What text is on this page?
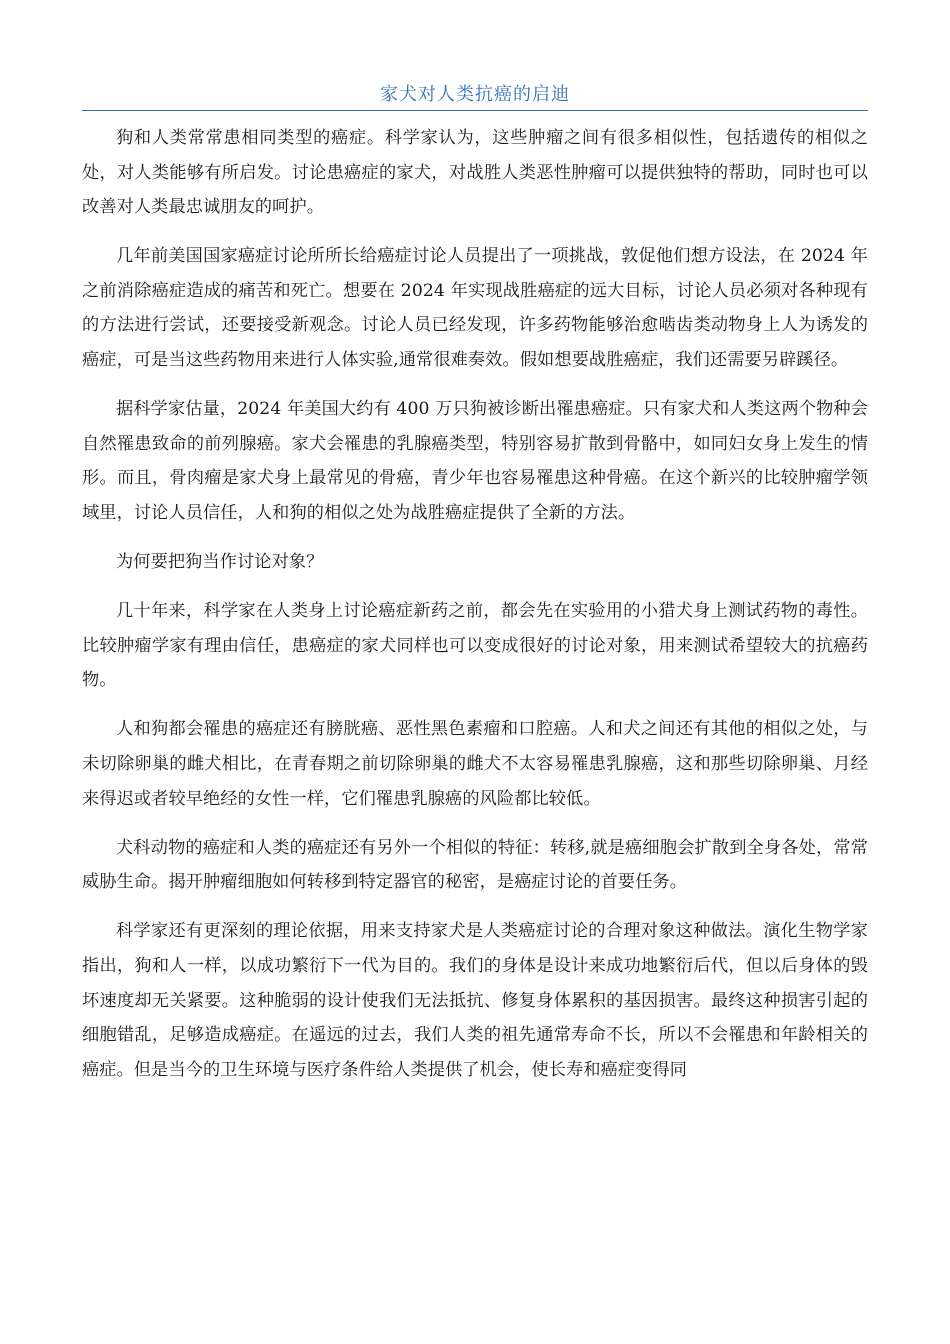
家犬对人类抗癌的启迪

狗和人类常常患相同类型的癌症。科学家认为，这些肿瘤之间有很多相似性，包括遗传的相似之处，对人类能够有所启发。讨论患癌症的家犬，对战胜人类恶性肿瘤可以提供独特的帮助，同时也可以改善对人类最忠诚朋友的呵护。

几年前美国国家癌症讨论所所长给癌症讨论人员提出了一项挑战，敦促他们想方设法，在 2024 年之前消除癌症造成的痛苦和死亡。想要在 2024 年实现战胜癌症的远大目标，讨论人员必须对各种现有的方法进行尝试，还要接受新观念。讨论人员已经发现，许多药物能够治愈啮齿类动物身上人为诱发的癌症，可是当这些药物用来进行人体实验,通常很难奏效。假如想要战胜癌症，我们还需要另辟蹊径。

据科学家估量，2024 年美国大约有 400 万只狗被诊断出罹患癌症。只有家犬和人类这两个物种会自然罹患致命的前列腺癌。家犬会罹患的乳腺癌类型，特别容易扩散到骨骼中，如同妇女身上发生的情形。而且，骨肉瘤是家犬身上最常见的骨癌，青少年也容易罹患这种骨癌。在这个新兴的比较肿瘤学领域里，讨论人员信任，人和狗的相似之处为战胜癌症提供了全新的方法。

为何要把狗当作讨论对象？

几十年来，科学家在人类身上讨论癌症新药之前，都会先在实验用的小猎犬身上测试药物的毒性。比较肿瘤学家有理由信任，患癌症的家犬同样也可以变成很好的讨论对象，用来测试希望较大的抗癌药物。

人和狗都会罹患的癌症还有膀胱癌、恶性黑色素瘤和口腔癌。人和犬之间还有其他的相似之处，与未切除卵巢的雌犬相比，在青春期之前切除卵巢的雌犬不太容易罹患乳腺癌，这和那些切除卵巢、月经来得迟或者较早绝经的女性一样，它们罹患乳腺癌的风险都比较低。

犬科动物的癌症和人类的癌症还有另外一个相似的特征：转移,就是癌细胞会扩散到全身各处，常常威胁生命。揭开肿瘤细胞如何转移到特定器官的秘密，是癌症讨论的首要任务。

科学家还有更深刻的理论依据，用来支持家犬是人类癌症讨论的合理对象这种做法。演化生物学家指出，狗和人一样，以成功繁衍下一代为目的。我们的身体是设计来成功地繁衍后代，但以后身体的毁坏速度却无关紧要。这种脆弱的设计使我们无法抵抗、修复身体累积的基因损害。最终这种损害引起的细胞错乱，足够造成癌症。在遥远的过去，我们人类的祖先通常寿命不长，所以不会罹患和年龄相关的癌症。但是当今的卫生环境与医疗条件给人类提供了机会，使长寿和癌症变得同
